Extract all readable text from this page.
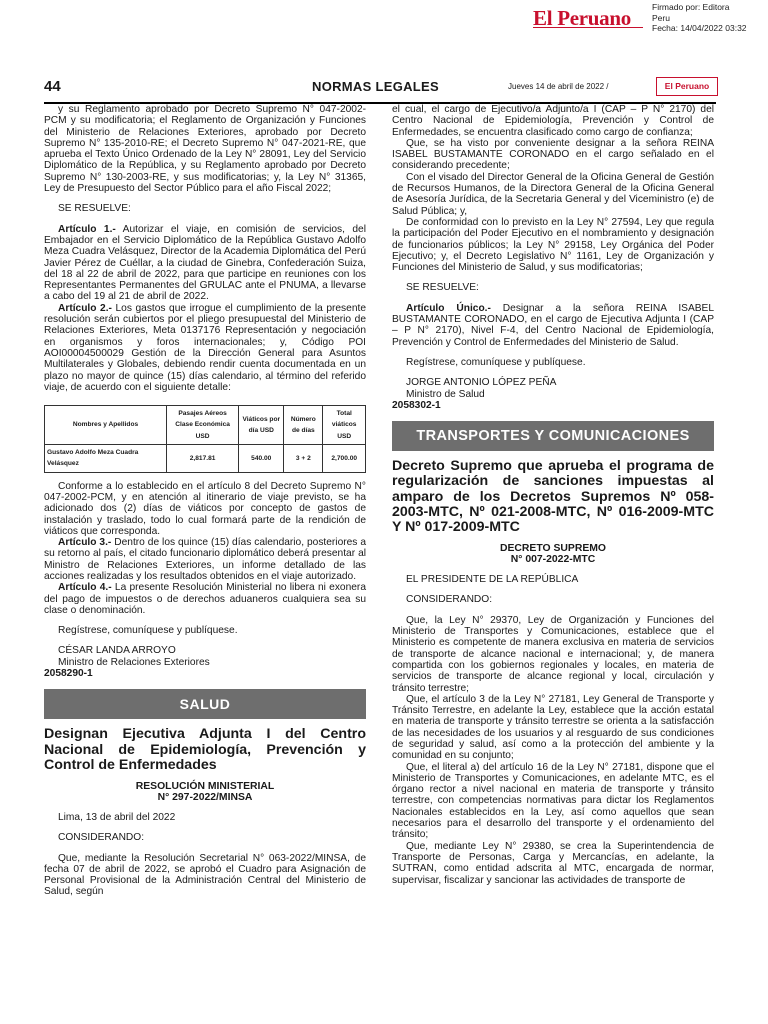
El Peruano Firmado por: Editora
Peru
Fecha: 14/04/2022 03:32
44	NORMAS LEGALES	Jueves 14 de abril de 2022 /	El Peruano

y su Reglamento aprobado por Decreto Supremo N° 047-2002-PCM y su modificatoria; el Reglamento de Organización y Funciones del Ministerio de Relaciones Exteriores, aprobado por Decreto Supremo N° 135-2010-RE; el Decreto Supremo N° 047-2021-RE, que aprueba el Texto Único Ordenado de la Ley N° 28091, Ley del Servicio Diplomático de la República, y su Reglamento aprobado por Decreto Supremo N° 130-2003-RE, y sus modificatorias; y, la Ley N° 31365, Ley de Presupuesto del Sector Público para el año Fiscal 2022;

SE RESUELVE:

Artículo 1.- Autorizar el viaje, en comisión de servicios, del Embajador en el Servicio Diplomático de la República Gustavo Adolfo Meza Cuadra Velásquez, Director de la Academia Diplomática del Perú Javier Pérez de Cuéllar, a la ciudad de Ginebra, Confederación Suiza, del 18 al 22 de abril de 2022, para que participe en reuniones con los Representantes Permanentes del GRULAC ante el PNUMA, a llevarse a cabo del 19 al 21 de abril de 2022.

Artículo 2.- Los gastos que irrogue el cumplimiento de la presente resolución serán cubiertos por el pliego presupuestal del Ministerio de Relaciones Exteriores, Meta 0137176 Representación y negociación en organismos y foros internacionales; y, Código POI AOI00004500029 Gestión de la Dirección General para Asuntos Multilaterales y Globales, debiendo rendir cuenta documentada en un plazo no mayor de quince (15) días calendario, al término del referido viaje, de acuerdo con el siguiente detalle:

Nombres y Apellidos	Pasajes Aéreos Clase Económica USD	Viáticos por día USD	Número de días	Total viáticos USD
Gustavo Adolfo Meza Cuadra Velásquez	2,817.81	540.00	3 + 2	2,700.00

Conforme a lo establecido en el artículo 8 del Decreto Supremo N° 047-2002-PCM, y en atención al itinerario de viaje previsto, se ha adicionado dos (2) días de viáticos por concepto de gastos de instalación y traslado, todo lo cual formará parte de la rendición de viáticos que corresponda.

Artículo 3.- Dentro de los quince (15) días calendario, posteriores a su retorno al país, el citado funcionario diplomático deberá presentar al Ministro de Relaciones Exteriores, un informe detallado de las acciones realizadas y los resultados obtenidos en el viaje autorizado.

Artículo 4.- La presente Resolución Ministerial no libera ni exonera del pago de impuestos o de derechos aduaneros cualquiera sea su clase o denominación.

Regístrese, comuníquese y publíquese.

CÉSAR LANDA ARROYO

Ministro de Relaciones Exteriores

2058290-1

SALUD
Designan Ejecutiva Adjunta I del Centro Nacional de Epidemiología, Prevención y Control de Enfermedades
RESOLUCIÓN MINISTERIAL
N° 297-2022/MINSA

Lima, 13 de abril del 2022

CONSIDERANDO:

Que, mediante la Resolución Secretarial N° 063-2022/MINSA, de fecha 07 de abril de 2022, se aprobó el Cuadro para Asignación de Personal Provisional de la Administración Central del Ministerio de Salud, según

el cual, el cargo de Ejecutivo/a Adjunto/a I (CAP – P N° 2170) del Centro Nacional de Epidemiología, Prevención y Control de Enfermedades, se encuentra clasificado como cargo de confianza;

Que, se ha visto por conveniente designar a la señora REINA ISABEL BUSTAMANTE CORONADO en el cargo señalado en el considerando precedente;

Con el visado del Director General de la Oficina General de Gestión de Recursos Humanos, de la Directora General de la Oficina General de Asesoría Jurídica, de la Secretaria General y del Viceministro (e) de Salud Pública; y,

De conformidad con lo previsto en la Ley N° 27594, Ley que regula la participación del Poder Ejecutivo en el nombramiento y designación de funcionarios públicos; la Ley N° 29158, Ley Orgánica del Poder Ejecutivo; y, el Decreto Legislativo N° 1161, Ley de Organización y Funciones del Ministerio de Salud, y sus modificatorias;

SE RESUELVE:

Artículo Único.- Designar a la señora REINA ISABEL BUSTAMANTE CORONADO, en el cargo de Ejecutiva Adjunta I (CAP – P N° 2170), Nivel F-4, del Centro Nacional de Epidemiología, Prevención y Control de Enfermedades del Ministerio de Salud.

Regístrese, comuníquese y publíquese.

JORGE ANTONIO LÓPEZ PEÑA

Ministro de Salud

2058302-1

TRANSPORTES Y COMUNICACIONES
Decreto Supremo que aprueba el programa de regularización de sanciones impuestas al amparo de los Decretos Supremos Nº 058-2003-MTC, Nº 021-2008-MTC, Nº 016-2009-MTC Y Nº 017-2009-MTC
DECRETO SUPREMO
N° 007-2022-MTC

EL PRESIDENTE DE LA REPÚBLICA

CONSIDERANDO:

Que, la Ley N° 29370, Ley de Organización y Funciones del Ministerio de Transportes y Comunicaciones, establece que el Ministerio es competente de manera exclusiva en materia de servicios de transporte de alcance nacional e internacional; y, de manera compartida con los gobiernos regionales y locales, en materia de servicios de transporte de alcance regional y local, circulación y tránsito terrestre;

Que, el artículo 3 de la Ley N° 27181, Ley General de Transporte y Tránsito Terrestre, en adelante la Ley, establece que la acción estatal en materia de transporte y tránsito terrestre se orienta a la satisfacción de las necesidades de los usuarios y al resguardo de sus condiciones de seguridad y salud, así como a la protección del ambiente y la comunidad en su conjunto;

Que, el literal a) del artículo 16 de la Ley N° 27181, dispone que el Ministerio de Transportes y Comunicaciones, en adelante MTC, es el órgano rector a nivel nacional en materia de transporte y tránsito terrestre, con competencias normativas para dictar los Reglamentos Nacionales establecidos en la Ley, así como aquellos que sean necesarios para el desarrollo del transporte y el ordenamiento del tránsito;

Que, mediante Ley N° 29380, se crea la Superintendencia de Transporte de Personas, Carga y Mercancías, en adelante, la SUTRAN, como entidad adscrita al MTC, encargada de normar, supervisar, fiscalizar y sancionar las actividades de transporte de
